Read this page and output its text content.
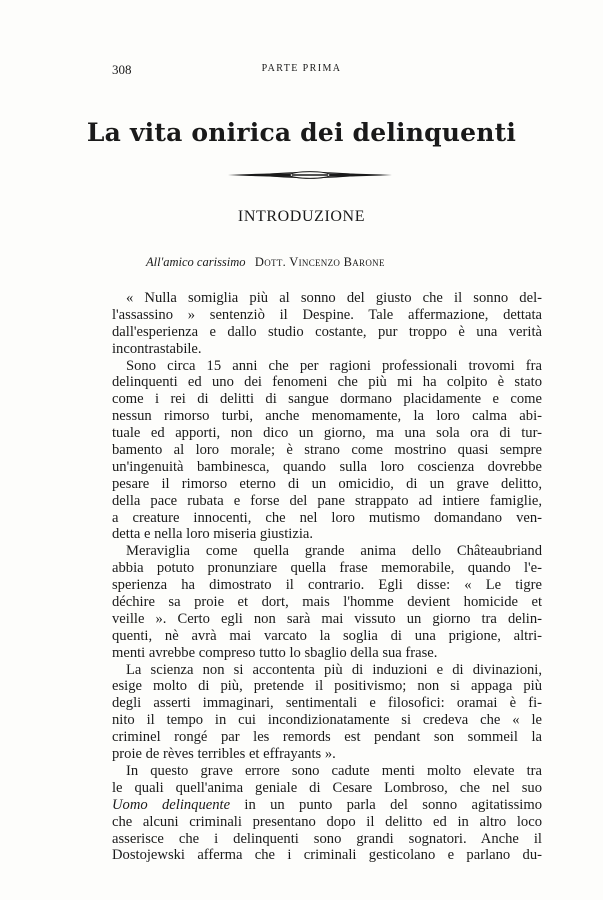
308	PARTE PRIMA
La vita onirica dei delinquenti
INTRODUZIONE
All'amico carissimo Dott. Vincenzo Barone
« Nulla somiglia più al sonno del giusto che il sonno del-
l'assassino » sentenziò il Despine. Tale affermazione, dettata
dall'esperienza e dallo studio costante, pur troppo è una verità
incontrastabile.
Sono circa 15 anni che per ragioni professionali trovomi fra
delinquenti ed uno dei fenomeni che più mi ha colpito è stato
come i rei di delitti di sangue dormano placidamente e come
nessun rimorso turbi, anche menomamente, la loro calma abi-
tuale ed apporti, non dico un giorno, ma una sola ora di tur-
bamento al loro morale; è strano come mostrino quasi sempre
un'ingenuità bambinesca, quando sulla loro coscienza dovrebbe
pesare il rimorso eterno di un omicidio, di un grave delitto,
della pace rubata e forse del pane strappato ad intiere famiglie,
a creature innocenti, che nel loro mutismo domandano ven-
detta e nella loro miseria giustizia.
Meraviglia come quella grande anima dello Châteaubriand
abbia potuto pronunziare quella frase memorabile, quando l'e-
sperienza ha dimostrato il contrario. Egli disse: « Le tigre
déchire sa proie et dort, mais l'homme devient homicide et
veille ». Certo egli non sarà mai vissuto un giorno tra delin-
quenti, nè avrà mai varcato la soglia di una prigione, altri-
menti avrebbe compreso tutto lo sbaglio della sua frase.
La scienza non si accontenta più di induzioni e di divinazioni,
esige molto di più, pretende il positivismo; non si appaga più
degli asserti immaginari, sentimentali e filosofici: oramai è fi-
nito il tempo in cui incondizionatamente si credeva che « le
criminel rongé par les remords est pendant son sommeil la
proie de rèves terribles et effrayants ».
In questo grave errore sono cadute menti molto elevate tra
le quali quell'anima geniale di Cesare Lombroso, che nel suo
Uomo delinquente in un punto parla del sonno agitatissimo
che alcuni criminali presentano dopo il delitto ed in altro loco
asserisce che i delinquenti sono grandi sognatori. Anche il
Dostojewski afferma che i criminali gesticolano e parlano du-
